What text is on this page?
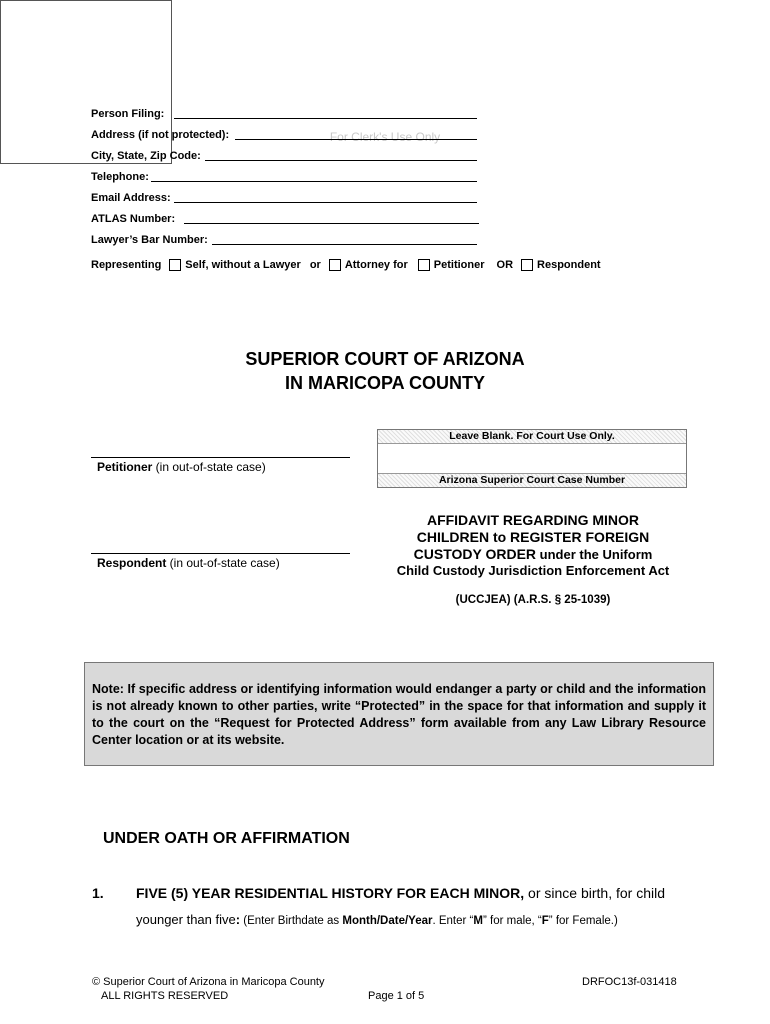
For Clerk's Use Only
Person Filing:
Address (if not protected):
City, State, Zip Code:
Telephone:
Email Address:
ATLAS Number:
Lawyer’s Bar Number:
Representing Self, without a Lawyer or Attorney for Petitioner OR Respondent
SUPERIOR COURT OF ARIZONA
IN MARICOPA COUNTY
Petitioner (in out-of-state case)
Respondent (in out-of-state case)
Leave Blank. For Court Use Only.
Arizona Superior Court Case Number
AFFIDAVIT REGARDING MINOR
CHILDREN to REGISTER FOREIGN
CUSTODY ORDER under the Uniform
Child Custody Jurisdiction Enforcement Act
(UCCJEA) (A.R.S. § 25-1039)
Note: If specific address or identifying information would endanger a party or child and the information is not already known to other parties, write “Protected” in the space for that information and supply it to the court on the “Request for Protected Address” form available from any Law Library Resource Center location or at its website.
UNDER OATH OR AFFIRMATION
1. FIVE (5) YEAR RESIDENTIAL HISTORY FOR EACH MINOR, or since birth, for child
younger than five: (Enter Birthdate as Month/Date/Year. Enter “M” for male, “F” for Female.)
© Superior Court of Arizona in Maricopa County
ALL RIGHTS RESERVED	Page 1 of 5
DRFOC13f-031418
